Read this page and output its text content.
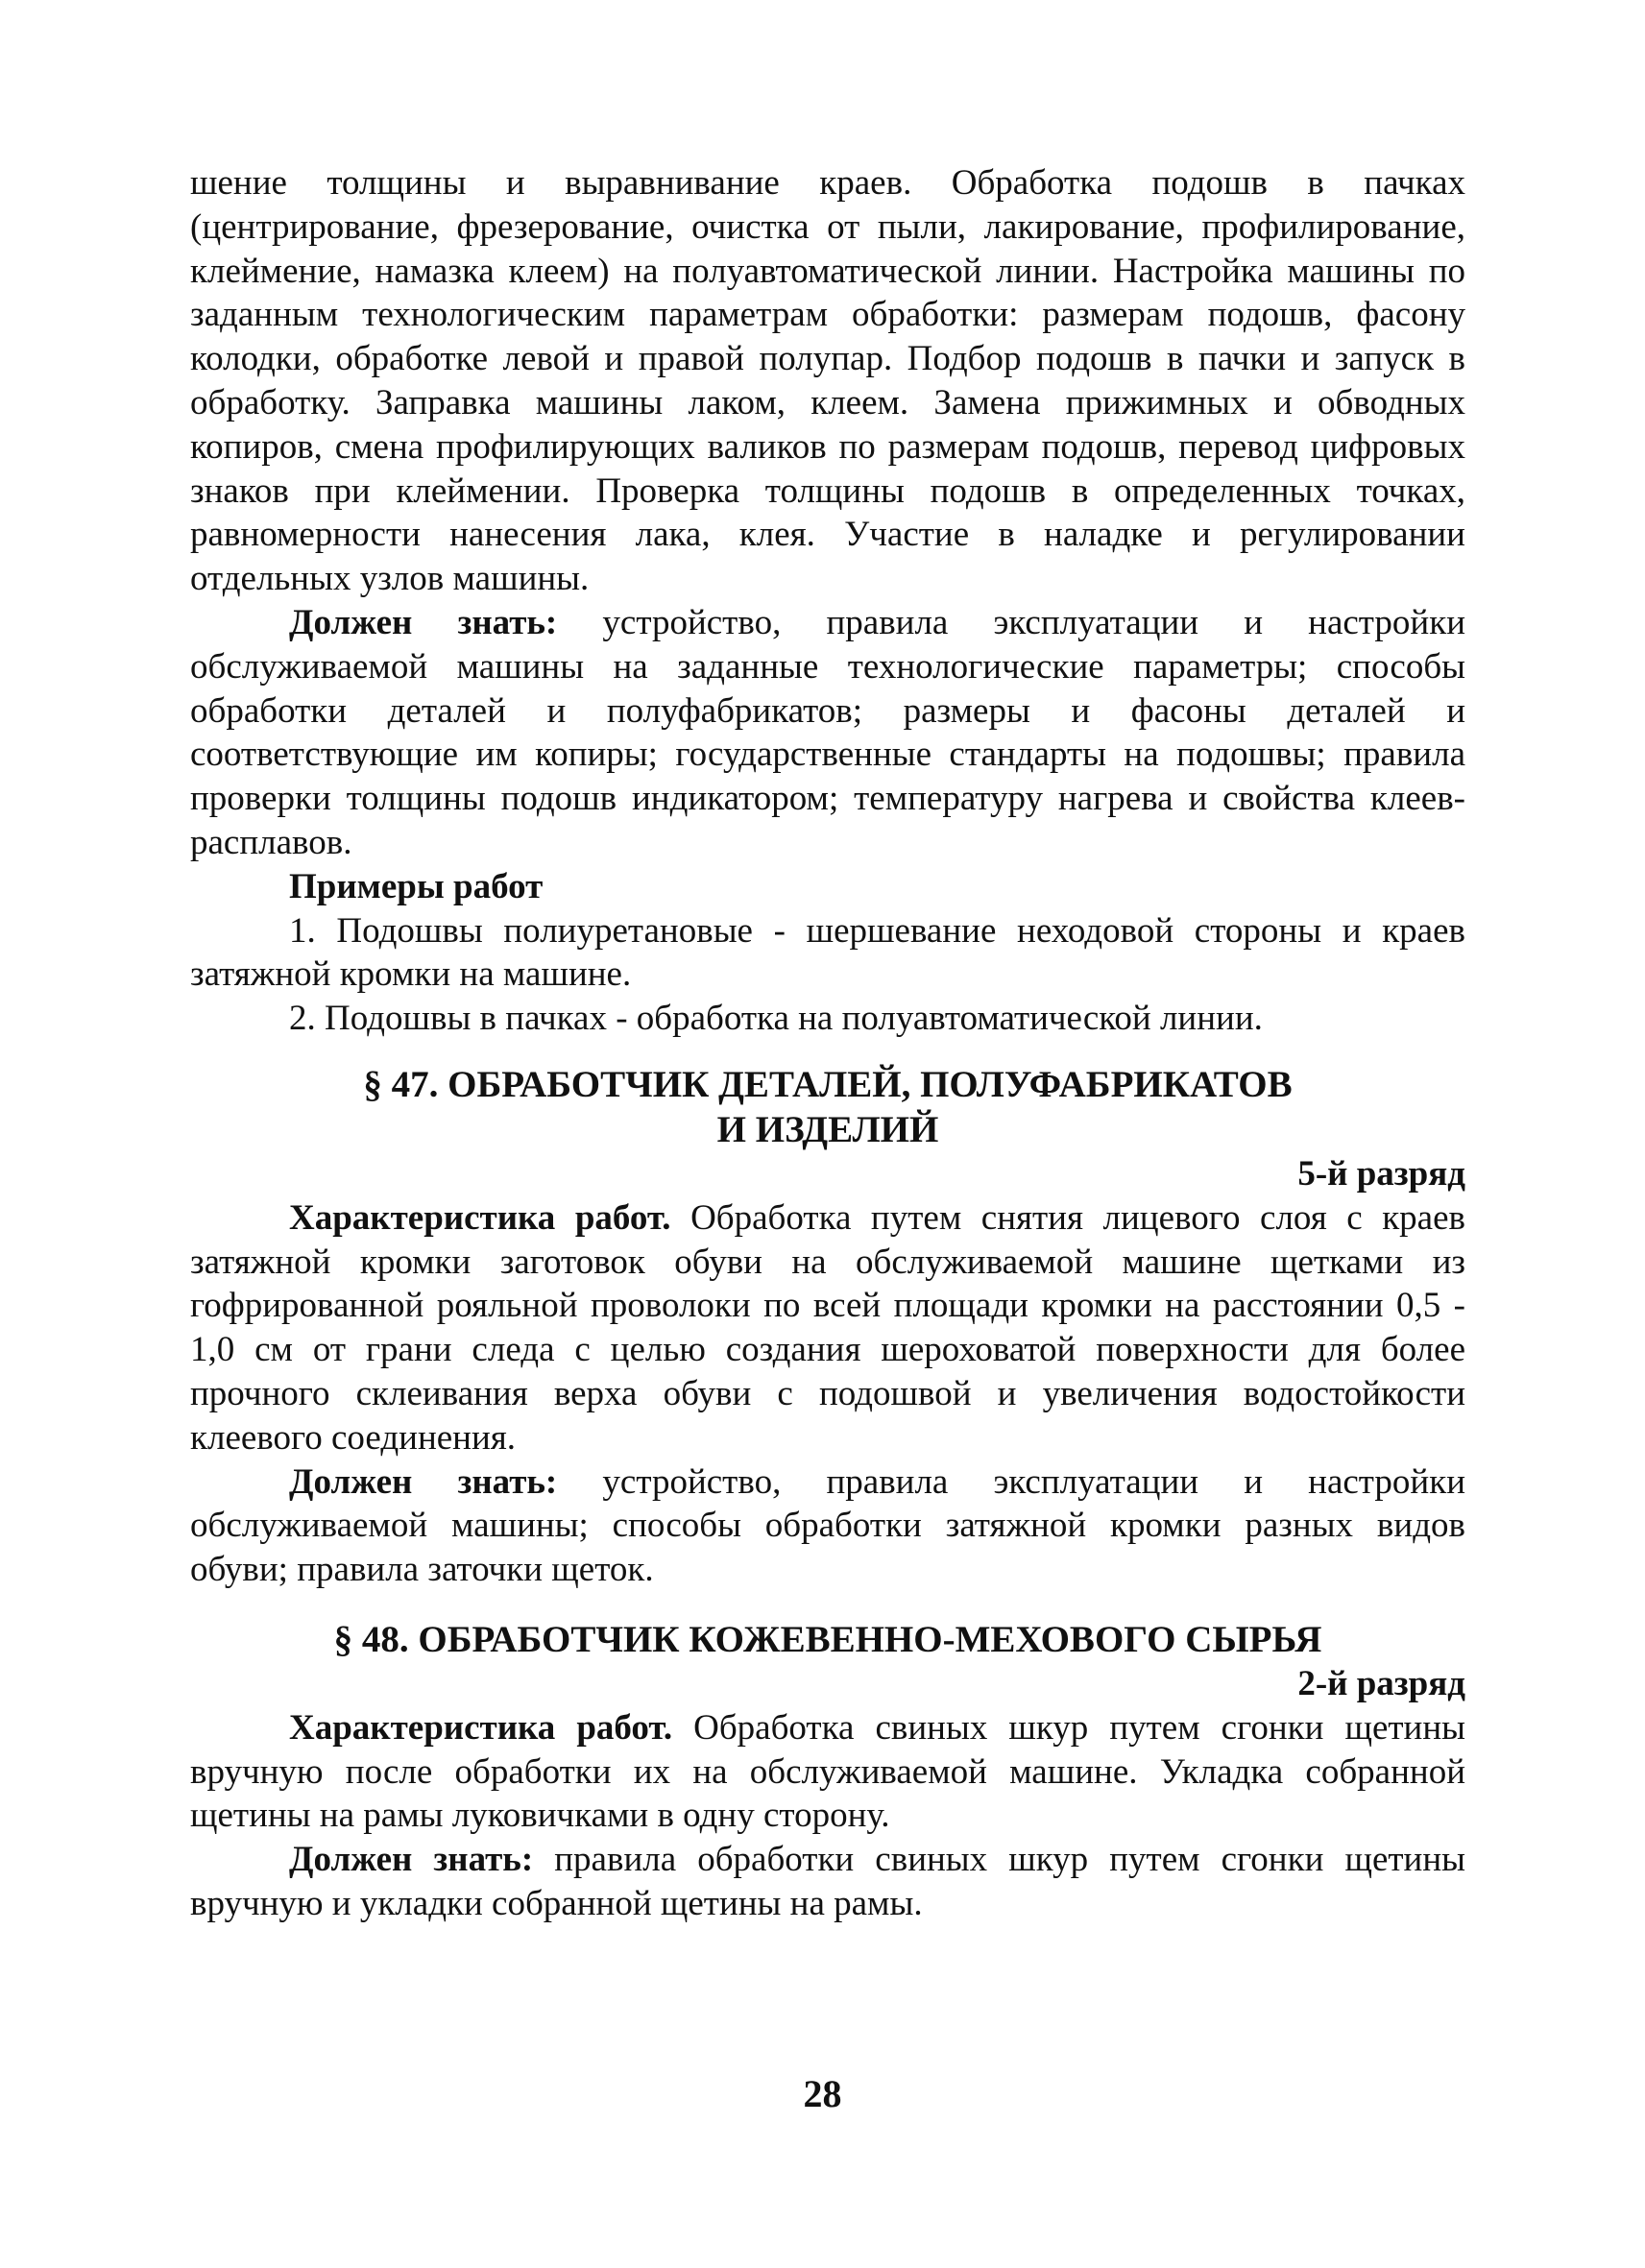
шение толщины и выравнивание краев. Обработка подошв в пачках (центрирование, фрезерование, очистка от пыли, лакирование, профилирование, клеймение, намазка клеем) на полуавтоматической линии. Настройка машины по заданным технологическим параметрам обработки: размерам подошв, фасону колодки, обработке левой и правой полупар. Подбор подошв в пачки и запуск в обработку. Заправка машины лаком, клеем. Замена прижимных и обводных копиров, смена профилирующих валиков по размерам подошв, перевод цифровых знаков при клеймении. Проверка толщины подошв в определенных точках, равномерности нанесения лака, клея. Участие в наладке и регулировании отдельных узлов машины.

Должен знать: устройство, правила эксплуатации и настройки обслуживаемой машины на заданные технологические параметры; способы обработки деталей и полуфабрикатов; размеры и фасоны деталей и соответствующие им копиры; государственные стандарты на подошвы; правила проверки толщины подошв индикатором; температуру нагрева и свойства клеев-расплавов.

Примеры работ

1. Подошвы полиуретановые - шершевание неходовой стороны и краев затяжной кромки на машине.

2. Подошвы в пачках - обработка на полуавтоматической линии.

§ 47. ОБРАБОТЧИК ДЕТАЛЕЙ, ПОЛУФАБРИКАТОВ

И ИЗДЕЛИЙ

5-й разряд

Характеристика работ. Обработка путем снятия лицевого слоя с краев затяжной кромки заготовок обуви на обслуживаемой машине щетками из гофрированной рояльной проволоки по всей площади кромки на расстоянии 0,5 - 1,0 см от грани следа с целью создания шероховатой поверхности для более прочного склеивания верха обуви с подошвой и увеличения водостойкости клеевого соединения.

Должен знать: устройство, правила эксплуатации и настройки обслуживаемой машины; способы обработки затяжной кромки разных видов обуви; правила заточки щеток.

§ 48. ОБРАБОТЧИК КОЖЕВЕННО-МЕХОВОГО СЫРЬЯ

2-й разряд

Характеристика работ. Обработка свиных шкур путем сгонки щетины вручную после обработки их на обслуживаемой машине. Укладка собранной щетины на рамы луковичками в одну сторону.

Должен знать: правила обработки свиных шкур путем сгонки щетины вручную и укладки собранной щетины на рамы.

28
